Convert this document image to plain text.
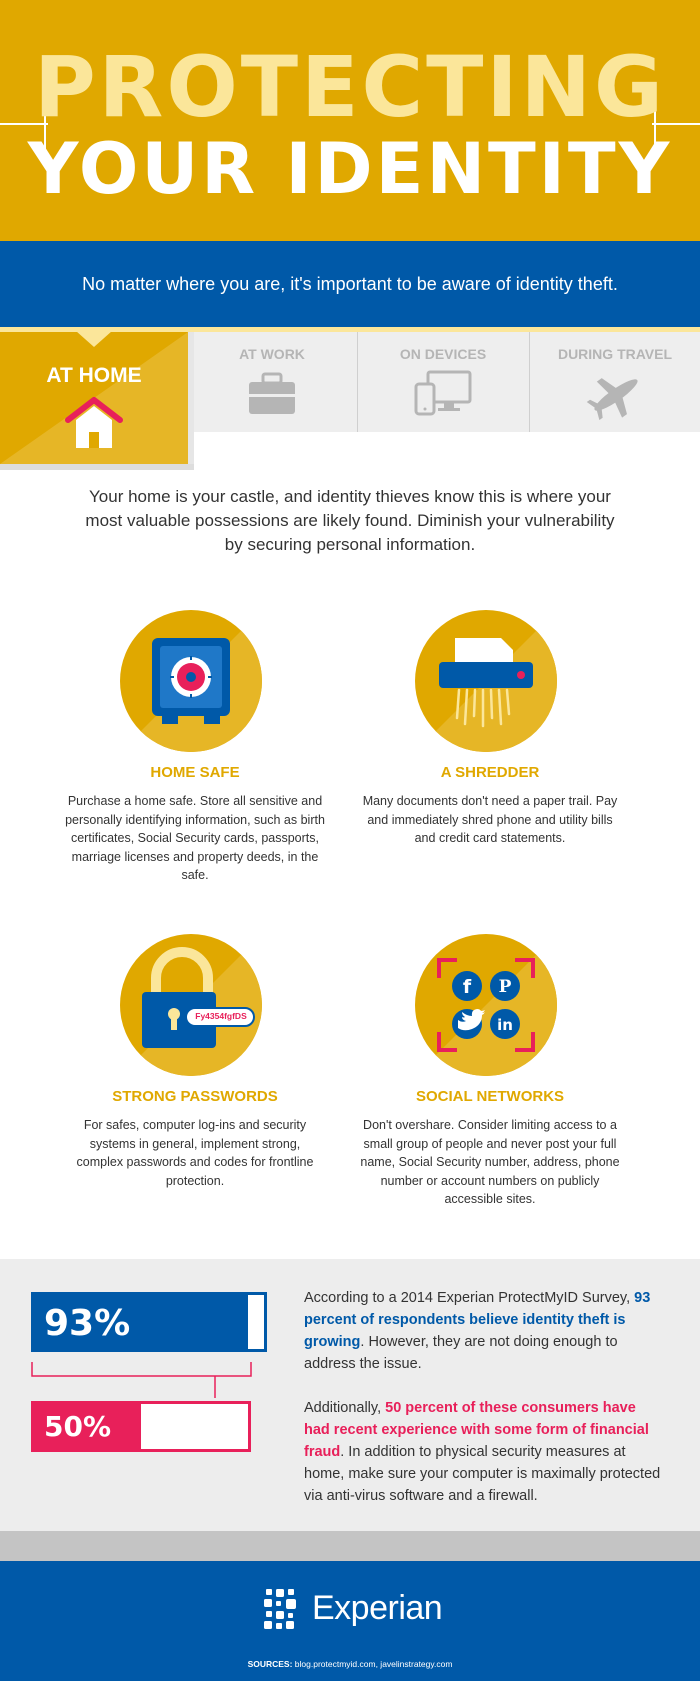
PROTECTING
YOUR IDENTITY
No matter where you are, it's important to be aware of identity theft.
AT WORK	ON DEVICES	DURING TRAVEL
AT HOME
Your home is your castle, and identity thieves know this is where your most valuable possessions are likely found. Diminish your vulnerability by securing personal information.
HOME SAFE
Purchase a home safe. Store all sensitive and personally identifying information, such as birth certificates, Social Security cards, passports, marriage licenses and property deeds, in the safe.
A SHREDDER
Many documents don't need a paper trail. Pay and immediately shred phone and utility bills and credit card statements.
Fy4354fgfDS
STRONG PASSWORDS
For safes, computer log-ins and security systems in general, implement strong, complex passwords and codes for frontline protection.
f P
in
SOCIAL NETWORKS
Don't overshare. Consider limiting access to a small group of people and never post your full name, Social Security number, address, phone number or account numbers on publicly accessible sites.
93%
50%
According to a 2014 Experian ProtectMyID Survey, 93 percent of respondents believe identity theft is growing. However, they are not doing enough to address the issue.
Additionally, 50 percent of these consumers have had recent experience with some form of financial fraud. In addition to physical security measures at home, make sure your computer is maximally protected via anti-virus software and a firewall.
Experian
SOURCES: blog.protectmyid.com, javelinstrategy.com
